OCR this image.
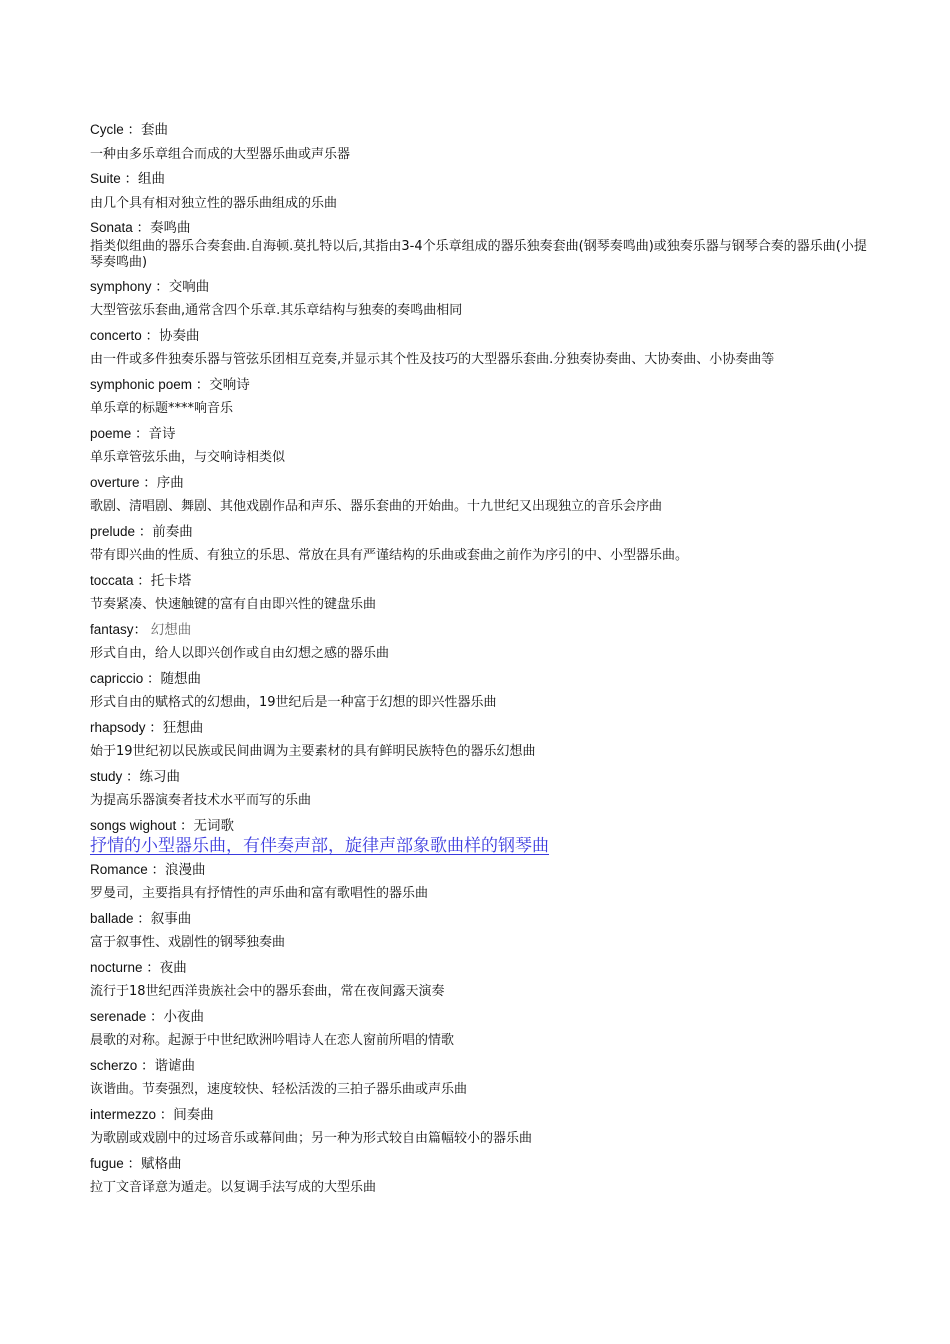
Cycle ：套曲
一种由多乐章组合而成的大型器乐曲或声乐器
Suite ：组曲
由几个具有相对独立性的器乐曲组成的乐曲
Sonata ：奏鸣曲
指类似组曲的器乐合奏套曲.自海顿.莫扎特以后,其指由3-4个乐章组成的器乐独奏套曲(钢琴奏鸣曲)或独奏乐器与钢琴合奏的器乐曲(小提琴奏鸣曲)
symphony ：交响曲
大型管弦乐套曲,通常含四个乐章.其乐章结构与独奏的奏鸣曲相同
concerto ：协奏曲
由一件或多件独奏乐器与管弦乐团相互竞奏,并显示其个性及技巧的大型器乐套曲.分独奏协奏曲、大协奏曲、小协奏曲等
symphonic poem ：交响诗
单乐章的标题****响音乐
poeme ：音诗
单乐章管弦乐曲，与交响诗相类似
overture ：序曲
歌剧、清唱剧、舞剧、其他戏剧作品和声乐、器乐套曲的开始曲。十九世纪又出现独立的音乐会序曲
prelude ：前奏曲
带有即兴曲的性质、有独立的乐思、常放在具有严谨结构的乐曲或套曲之前作为序引的中、小型器乐曲。
toccata ：托卡塔
节奏紧凑、快速触键的富有自由即兴性的键盘乐曲
fantasy： 幻想曲
形式自由，给人以即兴创作或自由幻想之感的器乐曲
capriccio ：随想曲
形式自由的赋格式的幻想曲，19世纪后是一种富于幻想的即兴性器乐曲
rhapsody ：狂想曲
始于19世纪初以民族或民间曲调为主要素材的具有鲜明民族特色的器乐幻想曲
study ：练习曲
为提高乐器演奏者技术水平而写的乐曲
songs wighout ：无词歌
抒情的小型器乐曲，有伴奏声部，旋律声部象歌曲样的钢琴曲
Romance ：浪漫曲
罗曼司，主要指具有抒情性的声乐曲和富有歌唱性的器乐曲
ballade ：叙事曲
富于叙事性、戏剧性的钢琴独奏曲
nocturne ：夜曲
流行于18世纪西洋贵族社会中的器乐套曲，常在夜间露天演奏
serenade ：小夜曲
晨歌的对称。起源于中世纪欧洲吟唱诗人在恋人窗前所唱的情歌
scherzo ：谐谑曲
诙谐曲。节奏强烈，速度较快、轻松活泼的三拍子器乐曲或声乐曲
intermezzo ：间奏曲
为歌剧或戏剧中的过场音乐或幕间曲；另一种为形式较自由篇幅较小的器乐曲
fugue ：赋格曲
拉丁文音译意为遁走。以复调手法写成的大型乐曲
